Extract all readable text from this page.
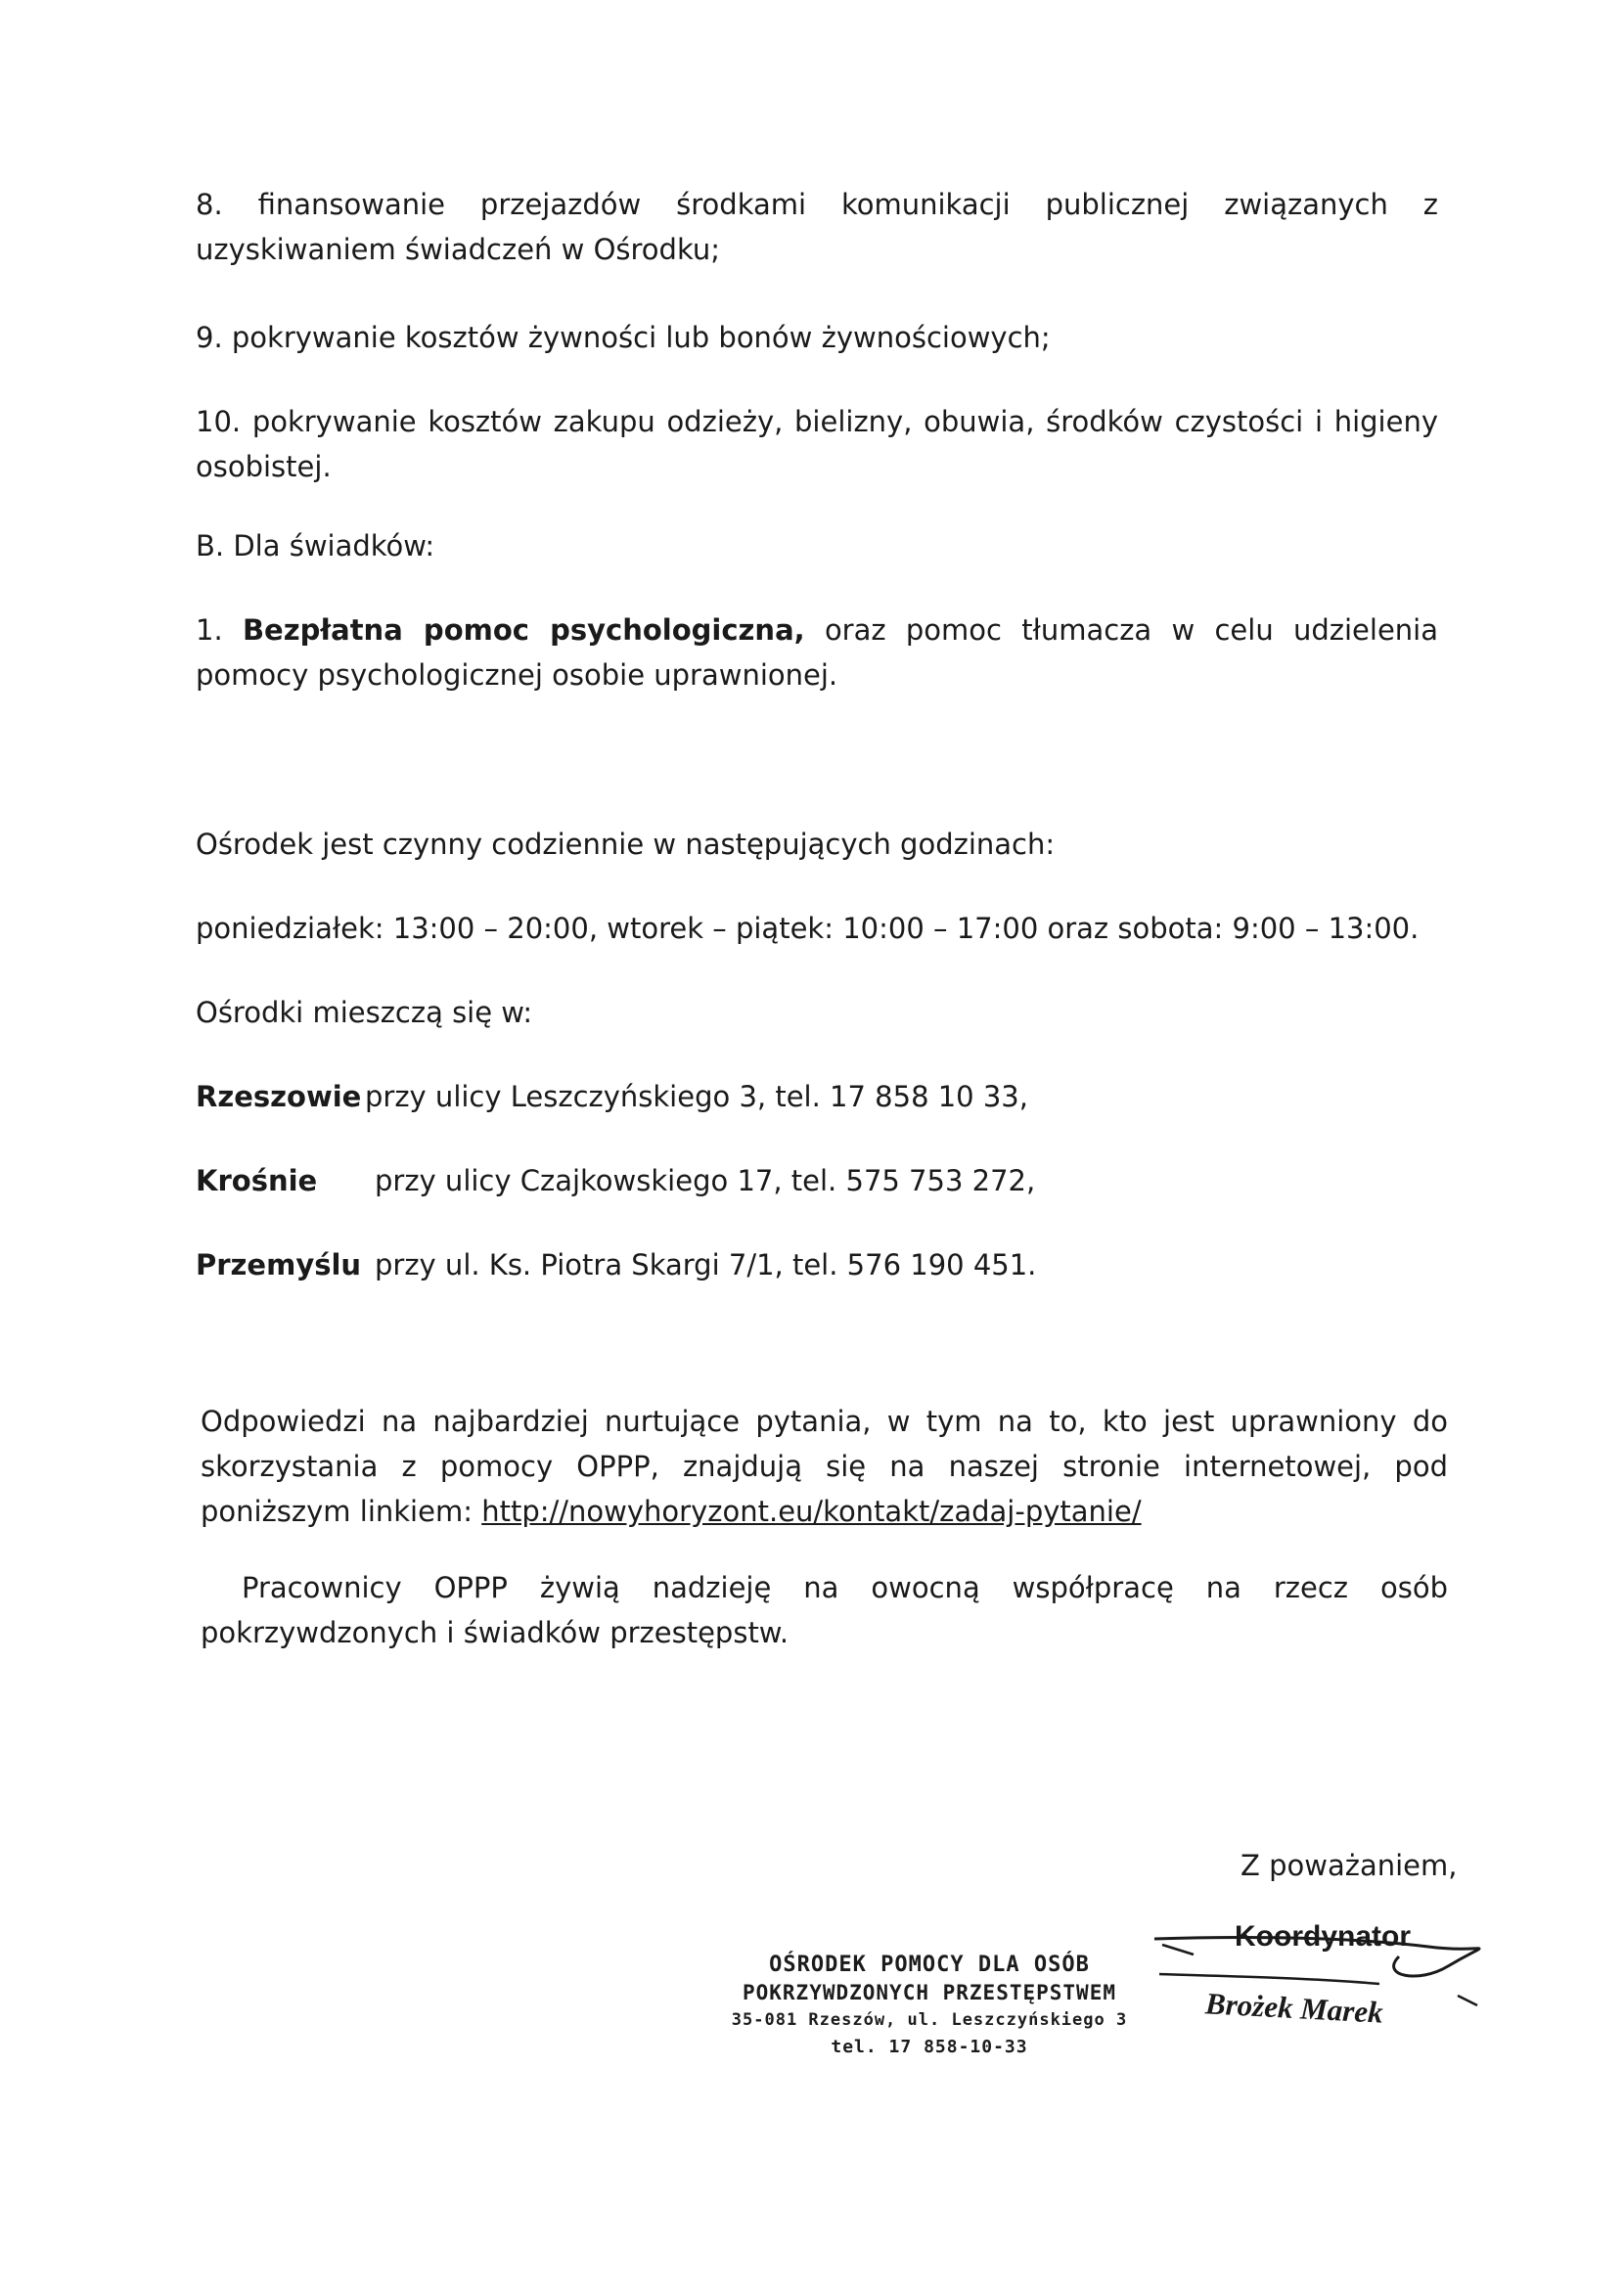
8. finansowanie przejazdów środkami komunikacji publicznej związanych z uzyskiwaniem świadczeń w Ośrodku;

9. pokrywanie kosztów żywności lub bonów żywnościowych;

10. pokrywanie kosztów zakupu odzieży, bielizny, obuwia, środków czystości i higieny osobistej.

B. Dla świadków:

1. Bezpłatna pomoc psychologiczna, oraz pomoc tłumacza w celu udzielenia pomocy psychologicznej osobie uprawnionej.

Ośrodek jest czynny codziennie w następujących godzinach:

poniedziałek: 13:00 – 20:00, wtorek – piątek: 10:00 – 17:00 oraz sobota: 9:00 – 13:00.

Ośrodki mieszczą się w:

Rzeszowie przy ulicy Leszczyńskiego 3, tel. 17 858 10 33,
Krośnie przy ulicy Czajkowskiego 17, tel. 575 753 272,
Przemyślu przy ul. Ks. Piotra Skargi 7/1, tel. 576 190 451.

Odpowiedzi na najbardziej nurtujące pytania, w tym na to, kto jest uprawniony do skorzystania z pomocy OPPP, znajdują się na naszej stronie internetowej, pod poniższym linkiem: http://nowyhoryzont.eu/kontakt/zadaj-pytanie/

Pracownicy OPPP żywią nadzieję na owocną współpracę na rzecz osób pokrzywdzonych i świadków przestępstw.

Z poważaniem,
OŚRODEK POMOCY DLA OSÓB
POKRZYWDZONYCH PRZESTĘPSTWEM
35-081 Rzeszów, ul. Leszczyńskiego 3
tel. 17 858-10-33
Koordynator
Brożek Marek
